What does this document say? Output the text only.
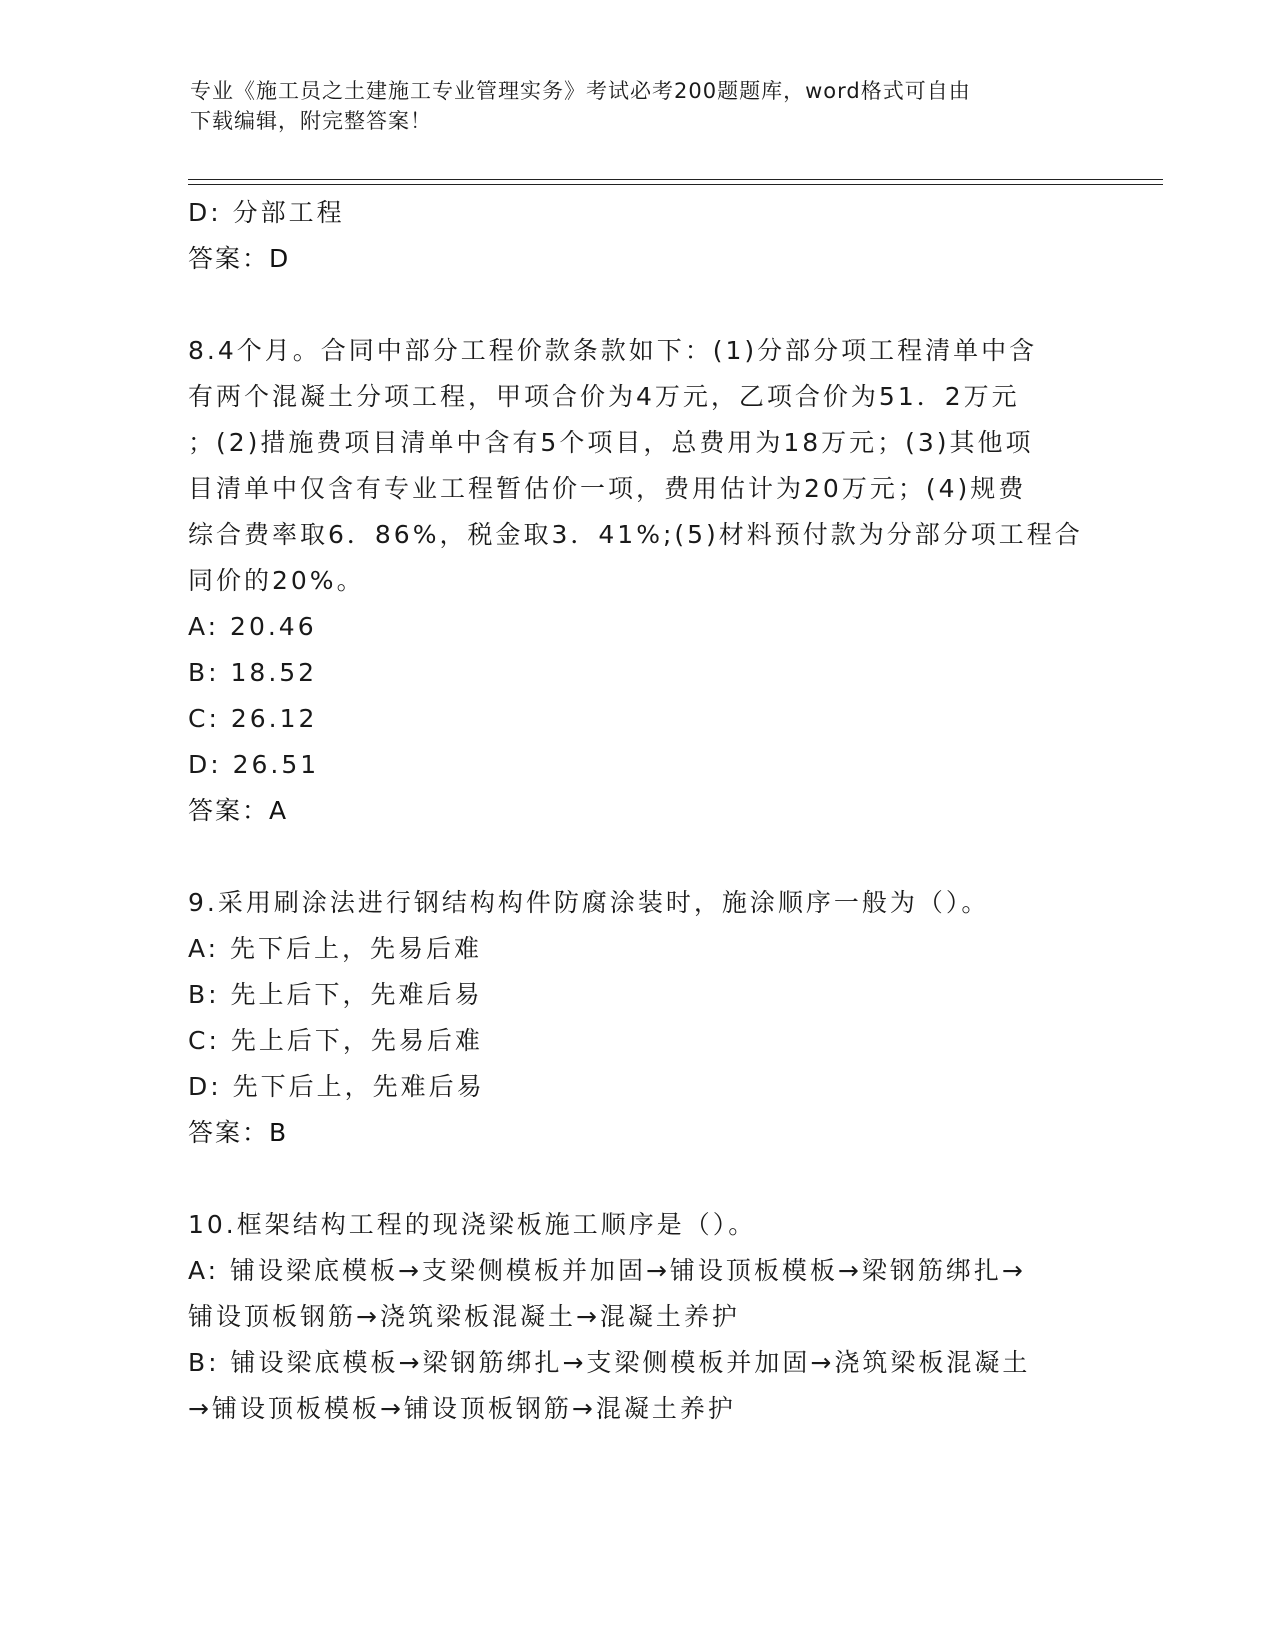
专业《施工员之土建施工专业管理实务》考试必考200题题库，word格式可自由
下载编辑，附完整答案！
D: 分部工程
答案：D
8.4个月。合同中部分工程价款条款如下：(1)分部分项工程清单中含
有两个混凝土分项工程，甲项合价为4万元，乙项合价为51．2万元
；(2)措施费项目清单中含有5个项目，总费用为18万元；(3)其他项
目清单中仅含有专业工程暂估价一项，费用估计为20万元；(4)规费
综合费率取6．86%，税金取3．41%;(5)材料预付款为分部分项工程合
同价的20%。
A: 20.46
B: 18.52
C: 26.12
D: 26.51
答案：A
9.采用刷涂法进行钢结构构件防腐涂装时，施涂顺序一般为（）。
A: 先下后上，先易后难
B: 先上后下，先难后易
C: 先上后下，先易后难
D: 先下后上，先难后易
答案：B
10.框架结构工程的现浇梁板施工顺序是（）。
A: 铺设梁底模板→支梁侧模板并加固→铺设顶板模板→梁钢筋绑扎→
铺设顶板钢筋→浇筑梁板混凝土→混凝土养护
B: 铺设梁底模板→梁钢筋绑扎→支梁侧模板并加固→浇筑梁板混凝土
→铺设顶板模板→铺设顶板钢筋→混凝土养护
